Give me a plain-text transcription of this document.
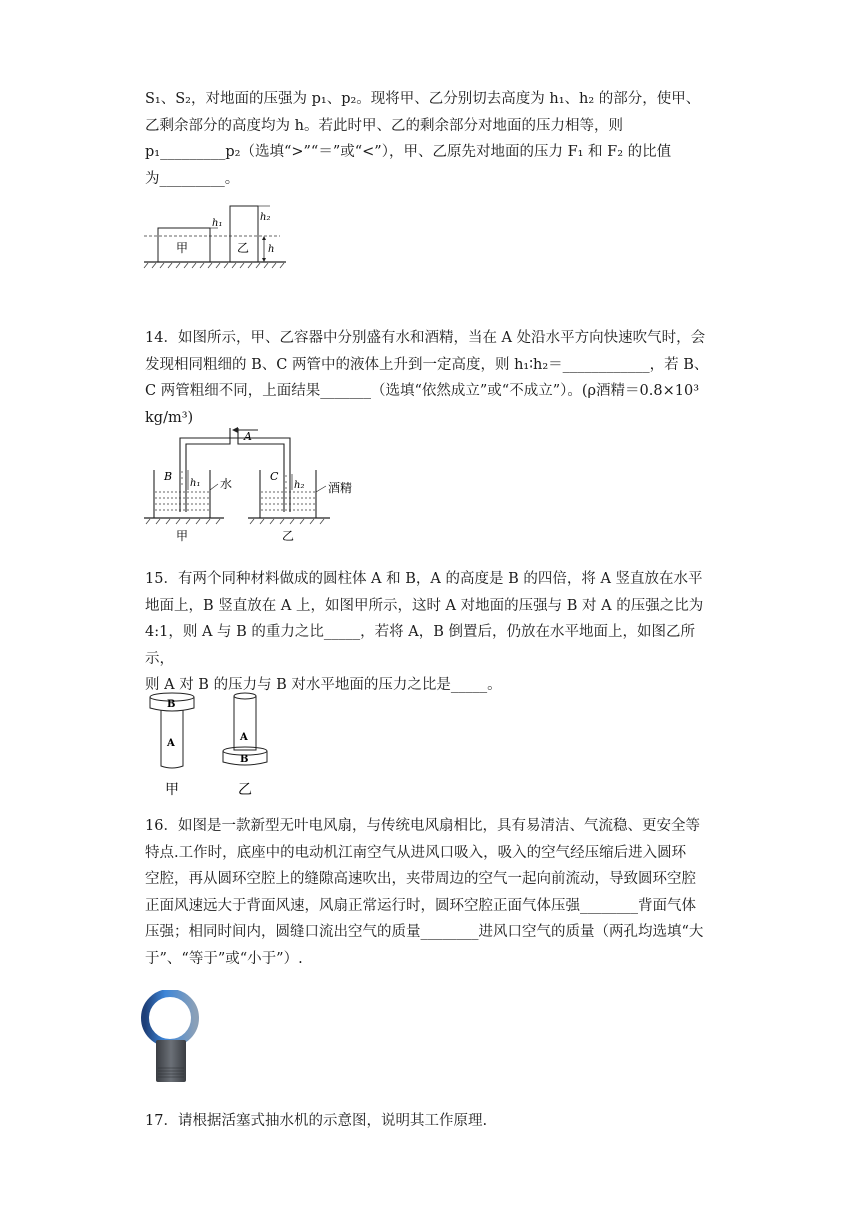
S₁、S₂，对地面的压强为 p₁、p₂。现将甲、乙分别切去高度为 h₁、h₂ 的部分，使甲、

乙剩余部分的高度均为 h。若此时甲、乙的剩余部分对地面的压力相等，则

p₁_________p₂（选填“>”“＝”或“<”），甲、乙原先对地面的压力 F₁ 和 F₂ 的比值

为_________。

甲	乙
h₁
h₂
h

14．如图所示，甲、乙容器中分别盛有水和酒精，当在 A 处沿水平方向快速吹气时，会

发现相同粗细的 B、C 两管中的液体上升到一定高度，则 h₁∶h₂＝____________，若 B、

C 两管粗细不同，上面结果_______（选填“依然成立”或“不成立”）。(ρ酒精＝0.8×10³ kg/m³)

A
B	C
h₁	h₂
水	酒精
甲	乙

15．有两个同种材料做成的圆柱体 A 和 B，A 的高度是 B 的四倍，将 A 竖直放在水平

地面上，B 竖直放在 A 上，如图甲所示，这时 A 对地面的压强与 B 对 A 的压强之比为

4:1，则 A 与 B 的重力之比_____，若将 A，B 倒置后，仍放在水平地面上，如图乙所示，

则 A 对 B 的压力与 B 对水平地面的压力之比是_____。

B
A
A
B
甲	乙

16．如图是一款新型无叶电风扇，与传统电风扇相比，具有易清洁、气流稳、更安全等

特点.工作时，底座中的电动机江南空气从进风口吸入，吸入的空气经压缩后进入圆环

空腔，再从圆环空腔上的缝隙高速吹出，夹带周边的空气一起向前流动，导致圆环空腔

正面风速远大于背面风速，风扇正常运行时，圆环空腔正面气体压强________背面气体

压强；相同时间内，圆缝口流出空气的质量________进风口空气的质量（两孔均选填“大

于”、“等于”或“小于”）.

17．请根据活塞式抽水机的示意图，说明其工作原理.
